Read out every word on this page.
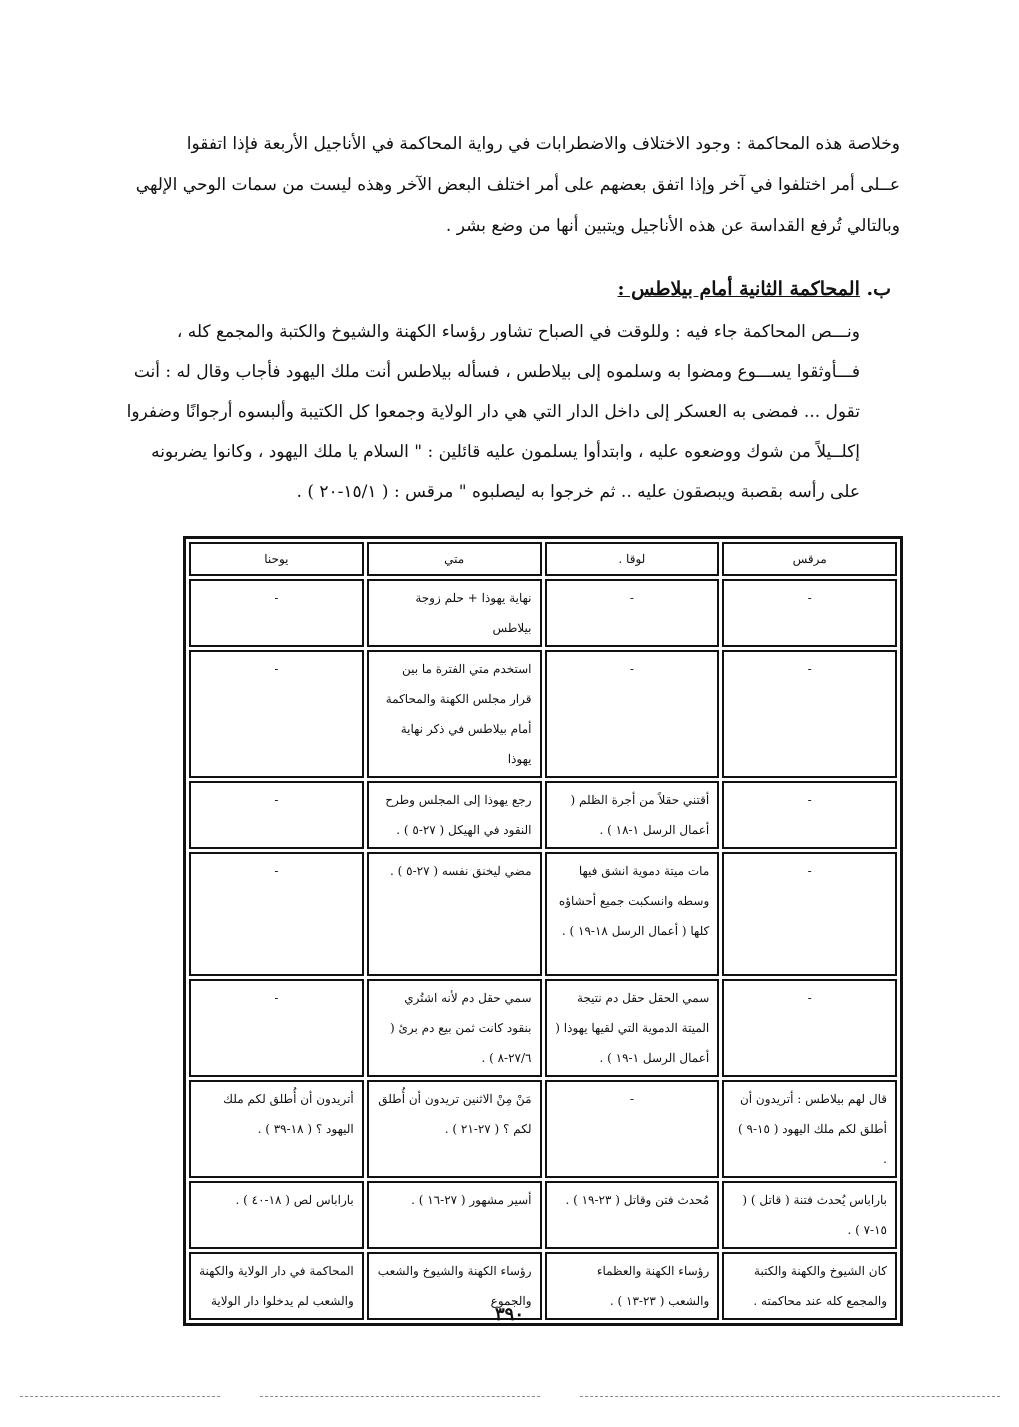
وخلاصة هذه المحاكمة : وجود الاختلاف والاضطرابات في رواية المحاكمة في الأناجيل الأربعة فإذا اتفقوا
عــلى أمر اختلفوا في آخر وإذا اتفق بعضهم على أمر اختلف البعض الآخر وهذه ليست من سمات الوحي الإلهي
وبالتالي تُرفع القداسة عن هذه الأناجيل ويتبين أنها من وضع بشر .
ب. المحاكمة الثانية أمام بيلاطس :
ونـــص المحاكمة جاء فيه : وللوقت في الصباح تشاور رؤساء الكهنة والشيوخ والكتبة والمجمع كله ،
فـــأوثقوا يســـوع ومضوا به وسلموه إلى بيلاطس ، فسأله بيلاطس أنت ملك اليهود فأجاب وقال له : أنت
تقول ... فمضى به العسكر إلى داخل الدار التي هي دار الولاية وجمعوا كل الكتيبة وألبسوه أرجوانًا وضفروا
إكلــيلاً من شوك ووضعوه عليه ، وابتدأوا يسلمون عليه قائلين : " السلام يا ملك اليهود ، وكانوا يضربونه
على رأسه بقصبة ويبصقون عليه .. ثم خرجوا به ليصلبوه " مرقس : ( ١٥/١-٢٠ ) .
مرقس	لوقا .	متي	يوحنا
-	-	نهاية يهوذا + حلم زوجة بيلاطس	-
-	-	استخدم متي الفترة ما بين قرار مجلس الكهنة والمحاكمة أمام بيلاطس في ذكر نهاية يهوذا	-
-	أقتني حقلاً من أجرة الظلم ( أعمال الرسل ١-١٨ ) .	رجع يهوذا إلى المجلس وطرح النقود في الهيكل ( ٢٧-٥ ) .	-
-	مات ميتة دموية انشق فيها وسطه وانسكبت جميع أحشاؤه كلها ( أعمال الرسل ١٨-١٩ ) .	مضي ليخنق نفسه ( ٢٧-٥ ) .	-
-	سمي الحقل حقل دم نتيجة الميتة الدموية التي لقيها يهوذا ( أعمال الرسل ١-١٩ ) .	سمي حقل دم لأنه اشتُري بنقود كانت ثمن بيع دم برئ ( ٢٧/٦-٨ ) .	-
قال لهم بيلاطس : أتريدون أن أطلق لكم ملك اليهود ( ١٥-٩ ) .	-	مَنْ مِنْ الاثنين تريدون أن أُطلق لكم ؟ ( ٢٧-٢١ ) .	أتريدون أن أُطلق لكم ملك اليهود ؟ ( ١٨-٣٩ ) .
باراباس يُحدث فتنة ( قاتل ) ( ١٥-٧ ) .	مُحدث فتن وقاتل ( ٢٣-١٩ ) .	أسير مشهور ( ٢٧-١٦ ) .	باراباس لص ( ١٨-٤٠ ) .
كان الشيوخ والكهنة والكتبة والمجمع كله عند محاكمته .	رؤساء الكهنة والعظماء والشعب ( ٢٣-١٣ ) .	رؤساء الكهنة والشيوخ والشعب والجموع	المحاكمة في دار الولاية والكهنة والشعب لم يدخلوا دار الولاية
٣٩٠
